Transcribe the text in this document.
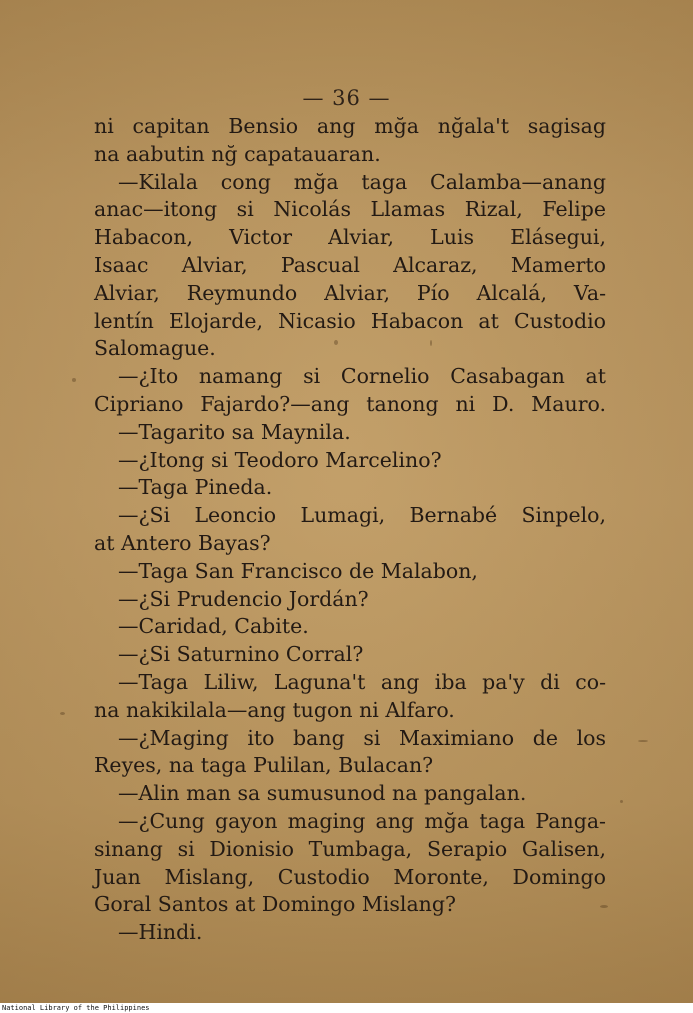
— 36 —
ni capitan Bensio ang mğa nğala't sagisag
na aabutin nğ capatauaran.
—Kilala cong mğa taga Calamba—anang
anac—itong si Nicolás Llamas Rizal, Felipe
Habacon, Victor Alviar, Luis Elásegui,
Isaac Alviar, Pascual Alcaraz, Mamerto
Alviar, Reymundo Alviar, Pío Alcalá, Va-
lentín Elojarde, Nicasio Habacon at Custodio
Salomague.
—¿Ito namang si Cornelio Casabagan at
Cipriano Fajardo?—ang tanong ni D. Mauro.
—Tagarito sa Maynila.
—¿Itong si Teodoro Marcelino?
—Taga Pineda.
—¿Si Leoncio Lumagi, Bernabé Sinpelo,
at Antero Bayas?
—Taga San Francisco de Malabon,
—¿Si Prudencio Jordán?
—Caridad, Cabite.
—¿Si Saturnino Corral?
—Taga Liliw, Laguna't ang iba pa'y di co-
na nakikilala—ang tugon ni Alfaro.
—¿Maging ito bang si Maximiano de los
Reyes, na taga Pulilan, Bulacan?
—Alin man sa sumusunod na pangalan.
—¿Cung gayon maging ang mğa taga Panga-
sinang si Dionisio Tumbaga, Serapio Galisen,
Juan Mislang, Custodio Moronte, Domingo
Goral Santos at Domingo Mislang?
—Hindi.
National Library of the Philippines
